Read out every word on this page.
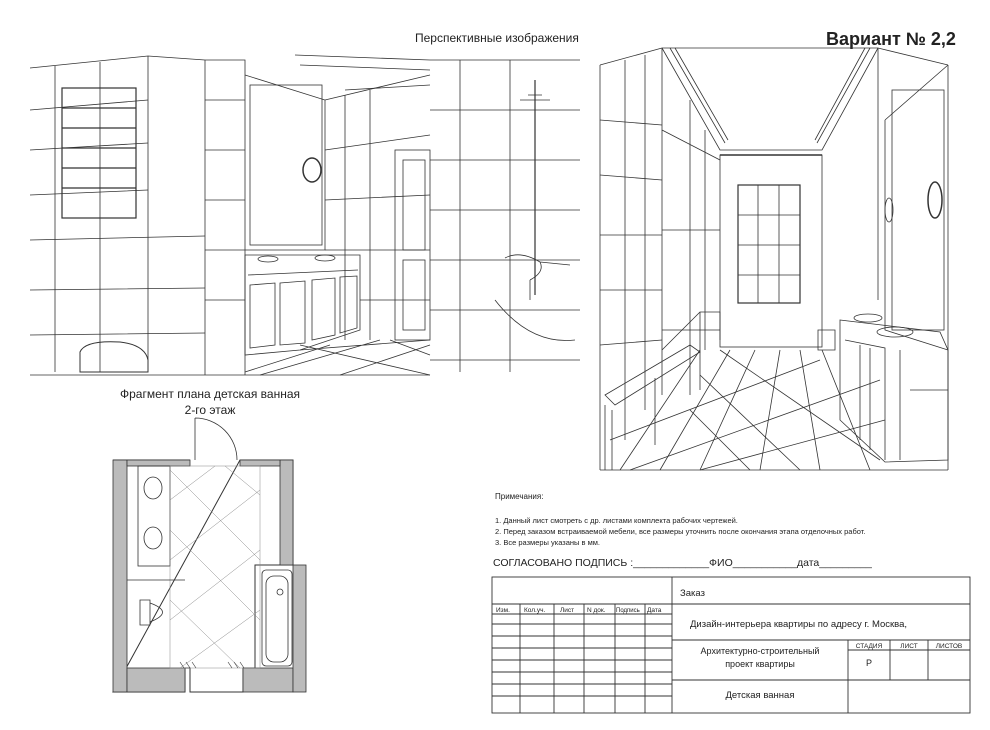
Перспективные изображения	Вариант № 2,2
Изм. Кол.уч. Лист N док. Подпись Дата
Заказ
Дизайн-интерьера квартиры по адресу г. Москва,
Архитектурно-строительный
проект квартиры
СТАДИЯ	ЛИСТ	ЛИСТОВ
Р
Детская ванная
Фрагмент плана детская ванная
2-го этаж
Примечания:
1. Данный лист смотреть с др. листами комплекта рабочих чертежей.
2. Перед заказом встраиваемой мебели, все размеры уточнить после окончания этапа отделочных работ.
3. Все размеры указаны в мм.
СОГЛАСОВАНО ПОДПИСЬ :_____________ФИО___________дата_________
